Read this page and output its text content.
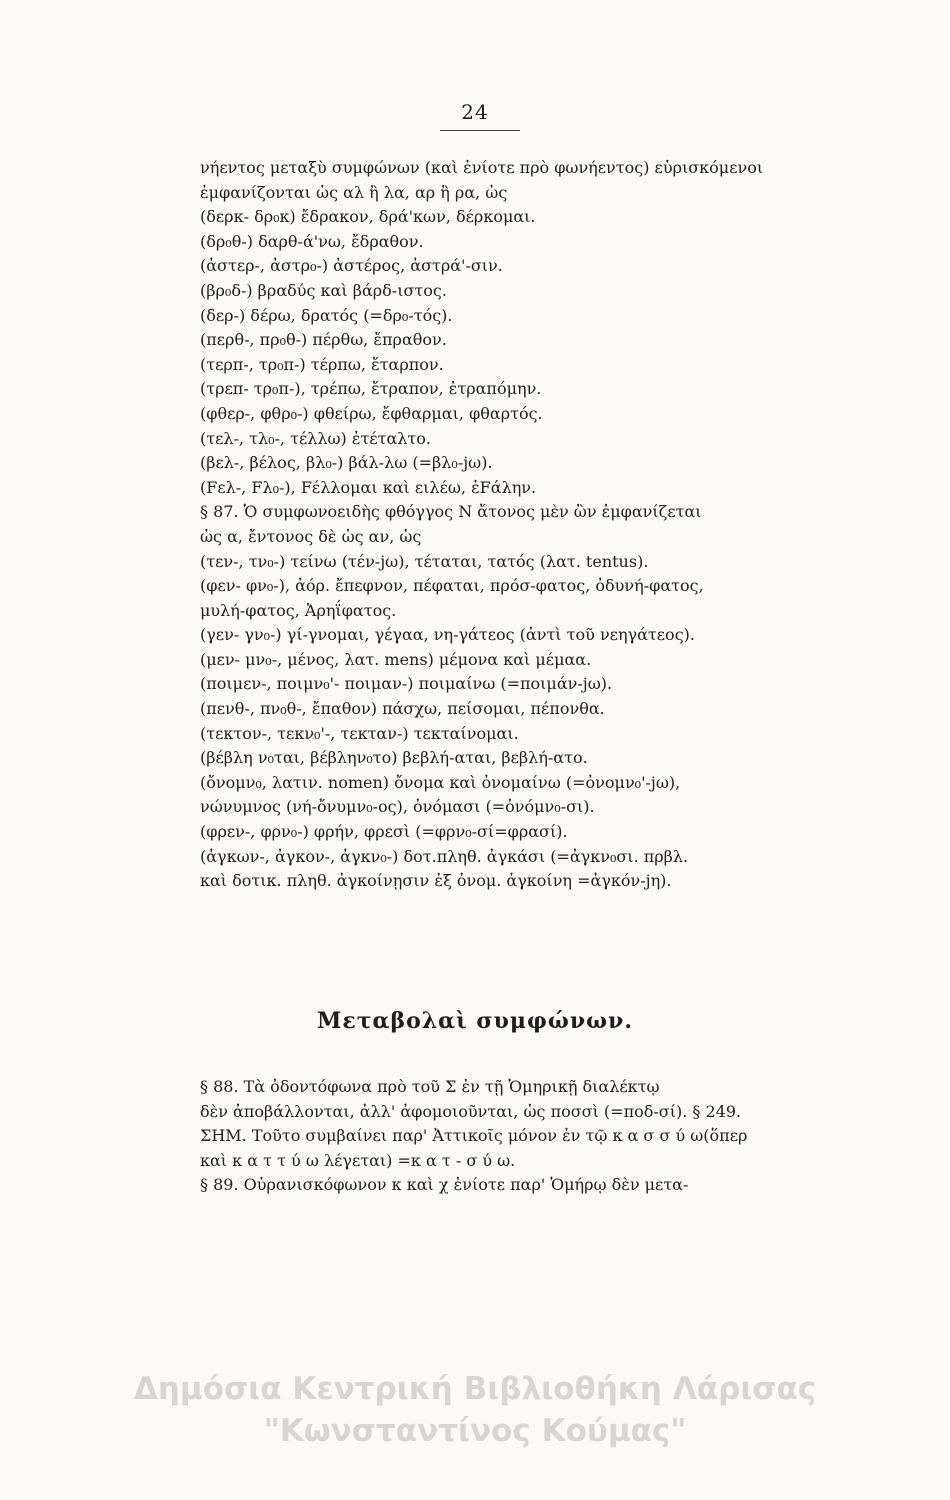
24
νήεντος μεταξὺ συμφώνων (καὶ ἐνίοτε πρὸ φωνήεντος) εὑρισκόμενοι
ἐμφανίζονται ὡς αλ ἢ λα, αρ ἢ ρα, ὡς
(δερκ- δρ₀κ) ἔδρακον, δρά'κων, δέρκομαι.
(δρ₀θ-) δαρθ-ά'νω, ἔδραθον.
(ἀστερ-, ἀστρ₀-) ἀστέρος, ἀστρά'-σιν.
(βρ₀δ-) βραδύς καὶ βάρδ-ιστος.
(δερ-) δέρω, δρατός (=δρ₀-τός).
(περθ-, πρ₀θ-) πέρθω, ἔπραθον.
(τερπ-, τρ₀π-) τέρπω, ἔταρπον.
(τρεπ- τρ₀π-), τρέπω, ἔτραπον, ἐτραπόμην.
(φθερ-, φθρ₀-) φθείρω, ἔφθαρμαι, φθαρτός.
(τελ-, τλ₀-, τέλλω) ἐτέταλτο.
(βελ-, βέλος, βλ₀-) βάλ-λω (=βλ₀-jω).
(Fελ-, Fλ₀-), Fέλλομαι καὶ ειλέω, ἐFάλην.
§ 87. Ὁ συμφωνοειδὴς φθόγγος Ν ἄτονος μὲν ὢν ἐμφανίζεται
ὡς α, ἔντονος δὲ ὡς αν, ὡς
(τεν-, τν₀-) τείνω (τέν-jω), τέταται, τατός (λατ. tentus).
(φεν- φν₀-), ἀόρ. ἔπεφνον, πέφαται, πρόσ-φατος, ὀδυνή-φατος,
μυλή-φατος, Ἀρηΐφατος.
(γεν- γν₀-) γί-γνομαι, γέγαα, νη-γάτεος (ἀντὶ τοῦ νεηγάτεος).
(μεν- μν₀-, μένος, λατ. mens) μέμονα καὶ μέμαα.
(ποιμεν-, ποιμν₀'- ποιμαν-) ποιμαίνω (=ποιμάν-jω).
(πενθ-, πν₀θ-, ἔπαθον) πάσχω, πείσομαι, πέπονθα.
(τεκτον-, τεκν₀'-, τεκταν-) τεκταίνομαι.
(βέβλη ν₀ται, βέβλην₀το) βεβλή-αται, βεβλή-ατο.
(ὄνομν₀, λατιν. nomen) ὄνομα καὶ ὀνομαίνω (=ὀνομν₀'-jω),
νώνυμνος (νή-ὄνυμν₀-ος), ὀνόμασι (=ὀνόμν₀-σι).
(φρεν-, φρν₀-) φρήν, φρεσὶ (=φρν₀-σί=φρασί).
(ἀγκων-, ἀγκον-, ἀγκν₀-) δοτ.πληθ. ἀγκάσι (=ἀγκν₀σι. πρβλ.
καὶ δοτικ. πληθ. ἀγκοίνῃσιν ἐξ ὀνομ. ἀγκοίνη =ἀγκόν-jη).
Μεταβολαὶ συμφώνων.
§ 88. Τὰ ὀδοντόφωνα πρὸ τοῦ Σ ἐν τῇ Ὁμηρικῇ διαλέκτῳ
δὲν ἀποβάλλονται, ἀλλ' ἀφομοιοῦνται, ὡς ποσσὶ (=ποδ-σί). § 249.
ΣΗΜ. Τοῦτο συμβαίνει παρ' Ἀττικοῖς μόνον ἐν τῷ κ α σ σ ύ ω(ὅπερ
καὶ κ α τ τ ύ ω λέγεται) =κ α τ - σ ύ ω.
§ 89. Οὐρανισκόφωνον κ καὶ χ ἐνίοτε παρ' Ὁμήρῳ δὲν μετα-
Δημόσια Κεντρική Βιβλιοθήκη Λάρισας
"Κωνσταντίνος Κούμας"
